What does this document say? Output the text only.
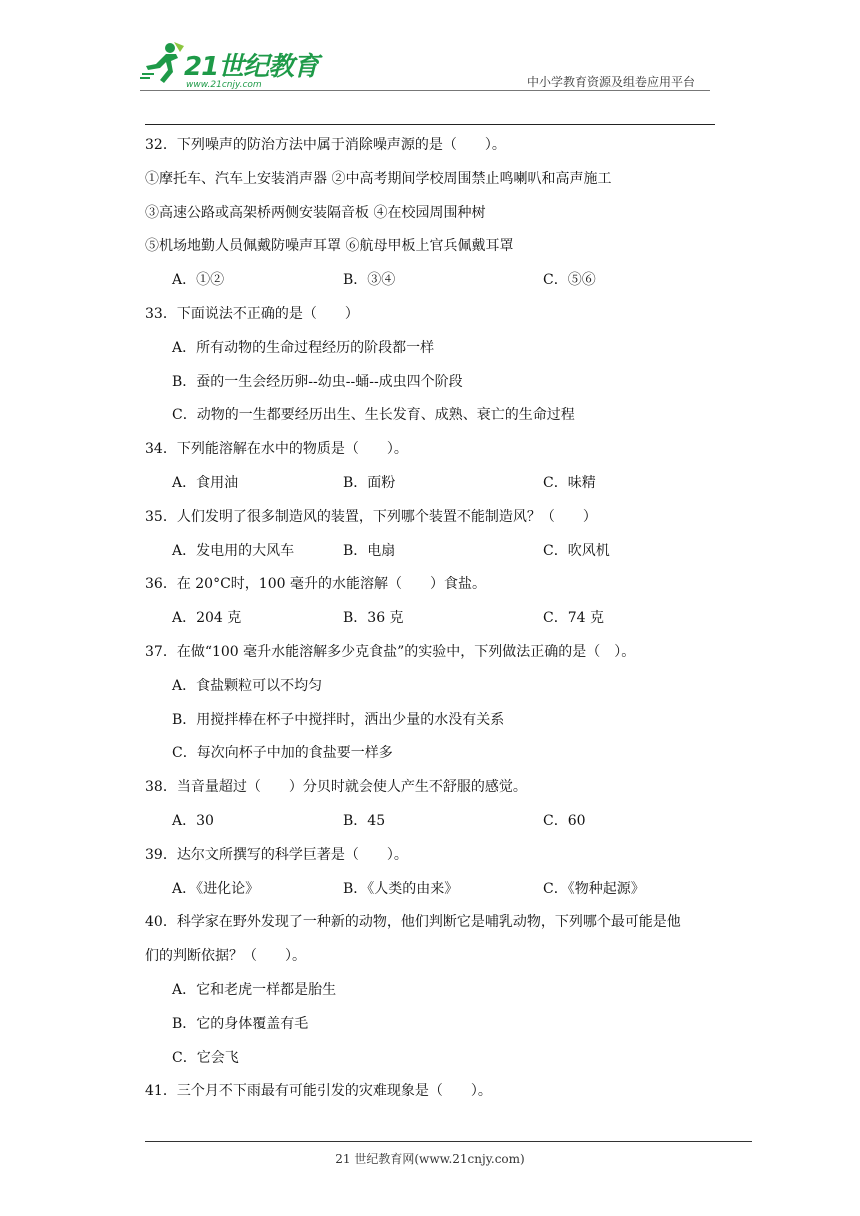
21世纪教育
www.21cnjy.com	中小学教育资源及组卷应用平台
32．下列噪声的防治方法中属于消除噪声源的是（　　）。
①摩托车、汽车上安装消声器 ②中高考期间学校周围禁止鸣喇叭和高声施工
③高速公路或高架桥两侧安装隔音板 ④在校园周围种树
⑤机场地勤人员佩戴防噪声耳罩 ⑥航母甲板上官兵佩戴耳罩
A．①②	B．③④	C．⑤⑥
33．下面说法不正确的是（　　）
A．所有动物的生命过程经历的阶段都一样
B．蚕的一生会经历卵--幼虫--蛹--成虫四个阶段
C．动物的一生都要经历出生、生长发育、成熟、衰亡的生命过程
34．下列能溶解在水中的物质是（　　）。
A．食用油	B．面粉	C．味精
35．人们发明了很多制造风的装置，下列哪个装置不能制造风？（　　）
A．发电用的大风车	B．电扇	C．吹风机
36．在 20°C时，100 毫升的水能溶解（　　）食盐。
A．204 克	B．36 克	C．74 克
37．在做“100 毫升水能溶解多少克食盐”的实验中，下列做法正确的是（　）。
A．食盐颗粒可以不均匀
B．用搅拌棒在杯子中搅拌时，洒出少量的水没有关系
C．每次向杯子中加的食盐要一样多
38．当音量超过（　　）分贝时就会使人产生不舒服的感觉。
A．30	B．45	C．60
39．达尔文所撰写的科学巨著是（　　）。
A．《进化论》	B．《人类的由来》	C．《物种起源》
40．科学家在野外发现了一种新的动物，他们判断它是哺乳动物，下列哪个最可能是他
们的判断依据？（　　）。
A．它和老虎一样都是胎生
B．它的身体覆盖有毛
C．它会飞
41．三个月不下雨最有可能引发的灾难现象是（　　）。
21 世纪教育网(www.21cnjy.com)
